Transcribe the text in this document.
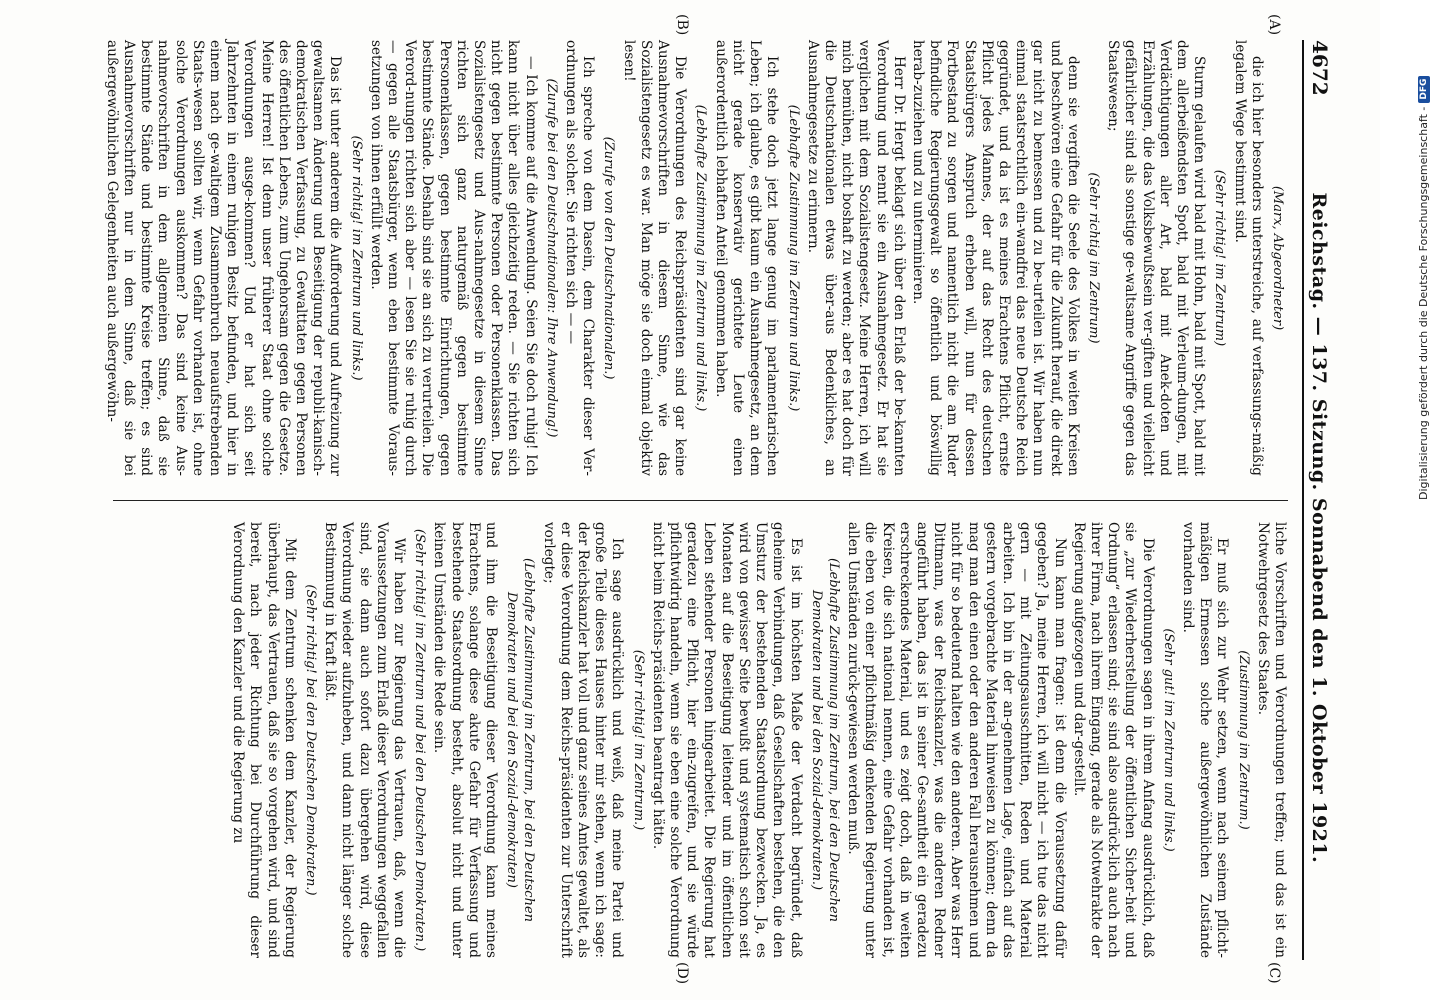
4672
Reichstag. — 137. Sitzung. Sonnabend den 1. Oktober 1921.
(A)
(B)
(C)
(D)

(Marx, Abgeordneter)

die ich hier besonders unterstreiche, auf verfassungs-mäßig legalem Wege bestimmt sind.

(Sehr richtig! im Zentrum)

Sturm gelaufen wird bald mit Hohn, bald mit Spott, bald mit dem allerbeißendsten Spott, bald mit Verleum-dungen, mit Verdächtigungen aller Art, bald mit Anek-doten und Erzählungen, die das Volksbewußtsein ver-giften und vielleicht gefährlicher sind als sonstige ge-waltsame Angriffe gegen das Staatswesen;

(Sehr richtig im Zentrum)

denn sie vergiften die Seele des Volkes in weiten Kreisen und beschwören eine Gefahr für die Zukunft herauf, die direkt gar nicht zu bemessen und zu be-urteilen ist. Wir haben nun einmal staatsrechtlich ein-wandfrei das neue Deutsche Reich gegründet, und da ist es meines Erachtens Pflicht, ernste Pflicht jedes Mannes, der auf das Recht des deutschen Staatsbürgers Anspruch erheben will, nun für dessen Fortbestand zu sorgen und namentlich nicht die am Ruder befindliche Regierungsgewalt so öffentlich und böswillig herab-zuziehen und zu unterminieren.

Herr Dr. Hergt beklagt sich über den Erlaß der be-kannten Verordnung und nennt sie ein Ausnahmegesetz. Er hat sie verglichen mit dem Sozialistengesetz. Meine Herren, ich will mich bemühen, nicht boshaft zu werden; aber es hat doch für die Deutschnationalen etwas über-aus Bedenkliches, an Ausnahmegesetze zu erinnern.

(Lebhafte Zustimmung im Zentrum und links.)

Ich stehe doch jetzt lange genug im parlamentarischen Leben; ich glaube, es gibt kaum ein Ausnahmegesetz, an dem nicht gerade konservativ gerichtete Leute einen außerordentlich lebhaften Anteil genommen haben.

(Lebhafte Zustimmung im Zentrum und links.)

Die Verordnungen des Reichspräsidenten sind gar keine Ausnahmevorschriften in diesem Sinne, wie das Sozialistengesetz es war. Man möge sie doch einmal objektiv lesen!

(Zurufe von den Deutschnationalen.)

Ich spreche von dem Dasein, dem Charakter dieser Ver-ordnungen als solcher. Sie richten sich — —

(Zurufe bei den Deutschnationalen: Ihre Anwendung!)

— Ich komme auf die Anwendung. Seien Sie doch ruhig! Ich kann nicht über alles gleichzeitig reden. — Sie richten sich nicht gegen bestimmte Personen oder Personenklassen. Das Sozialistengesetz und Aus-nahmegesetze in diesem Sinne richten sich ganz naturgemäß gegen bestimmte Personenklassen, gegen bestimmte Einrichtungen, gegen bestimmte Stände. Deshalb sind sie an sich zu verurteilen. Die Verord-nungen richten sich aber — lesen Sie sie ruhig durch — gegen alle Staatsbürger, wenn eben bestimmte Voraus-setzungen von ihnen erfüllt werden.

(Sehr richtig! im Zentrum und links.)

Das ist unter anderem die Aufforderung und Aufreizung zur gewaltsamen Änderung und Beseitigung der republi-kanisch-demokratischen Verfassung, zu Gewalttaten gegen Personen des öffentlichen Lebens, zum Ungehorsam gegen die Gesetze. Meine Herren! Ist denn unser früherer Staat ohne solche Verordnungen ausge-kommen? Und er hat sich seit Jahrzehnten in einem ruhigen Besitz befunden, und hier in einem nach ge-waltigem Zusammenbruch neuaufstrebenden Staats-wesen sollten wir, wenn Gefahr vorhanden ist, ohne solche Verordnungen auskommen? Das sind keine Aus-nahmevorschriften in dem allgemeinen Sinne, daß sie bestimmte Stände und bestimmte Kreise treffen; es sind Ausnahmevorschriften nur in dem Sinne, daß sie bei außergewöhnlichen Gelegenheiten auch außergewöhn-

liche Vorschriften und Verordnungen treffen; und das ist ein Notwehrgesetz des Staates.

(Zustimmung im Zentrum.)

Er muß sich zur Wehr setzen, wenn nach seinem pflicht-mäßigen Ermessen solche außergewöhnlichen Zustände vorhanden sind.

(Sehr gut! im Zentrum und links.)

Die Verordnungen sagen in ihrem Anfang ausdrücklich, daß sie „zur Wiederherstellung der öffentlichen Sicher-heit und Ordnung“ erlassen sind; sie sind also ausdrück-lich auch nach ihrer Firma, nach ihrem Eingang, gerade als Notwehrakte der Regierung aufgezogen und dar-gestellt.

Nun kann man fragen: ist denn die Voraussetzung dafür gegeben? Ja, meine Herren, ich will nicht — ich tue das nicht gern — mit Zeitungsausschnitten, Reden und Material arbeiten. Ich bin in der an-genehmen Lage, einfach auf das gestern vorgebrachte Material hinweisen zu können; denn da mag man den einen oder den anderen Fall herausnehmen und nicht für so bedeutend halten wie den anderen. Aber was Herr Dittmann, was der Reichskanzler, was die anderen Redner angeführt haben, das ist in seiner Ge-samtheit ein geradezu erschreckendes Material, und es zeigt doch, daß in weiten Kreisen, die sich national nennen, eine Gefahr vorhanden ist, die eben von einer pflichtmäßig denkenden Regierung unter allen Umständen zurück-gewiesen werden muß.

(Lebhafte Zustimmung im Zentrum, bei den Deutschen Demokraten und bei den Sozial-demokraten.)

Es ist im höchsten Maße der Verdacht begründet, daß geheime Verbindungen, daß Gesellschaften bestehen, die den Umsturz der bestehenden Staatsordnung bezwecken. Ja, es wird von gewisser Seite bewußt und systematisch schon seit Monaten auf die Beseitigung leitender und im öffentlichen Leben stehender Personen hingearbeitet. Die Regierung hat geradezu eine Pflicht, hier ein-zugreifen, und sie würde pflichtwidrig handeln, wenn sie eben eine solche Verordnung nicht beim Reichs-präsidenten beantragt hätte.

(Sehr richtig! im Zentrum.)

Ich sage ausdrücklich und weiß, daß meine Partei und große Teile dieses Hauses hinter mir stehen, wenn ich sage: der Reichskanzler hat voll und ganz seines Amtes gewaltet, als er diese Verordnung dem Reichs-präsidenten zur Unterschrift vorlegte;

(Lebhafte Zustimmung im Zentrum, bei den Deutschen Demokraten und bei den Sozial-demokraten)

und ihm die Beseitigung dieser Verordnung kann meines Erachtens, solange diese akute Gefahr für Verfassung und bestehende Staatsordnung besteht, absolut nicht und unter keinen Umständen die Rede sein.

(Sehr richtig! im Zentrum und bei den Deutschen Demokraten.)

Wir haben zur Regierung das Vertrauen, daß, wenn die Voraussetzungen zum Erlaß dieser Verordnungen weggefallen sind, sie dann auch sofort dazu übergehen wird, diese Verordnung wieder aufzuheben, und dann nicht länger solche Bestimmung in Kraft läßt.

(Sehr richtig! bei den Deutschen Demokraten.)

Mit dem Zentrum schenken dem Kanzler, der Regierung überhaupt, das Vertrauen, daß sie so vorgehen wird, und sind bereit, nach jeder Richtung bei Durchführung dieser Verordnung den Kanzler und die Regierung zu

Digitalisierung gefördert durch die Deutsche Forschungsgemeinschaft -
DFG
